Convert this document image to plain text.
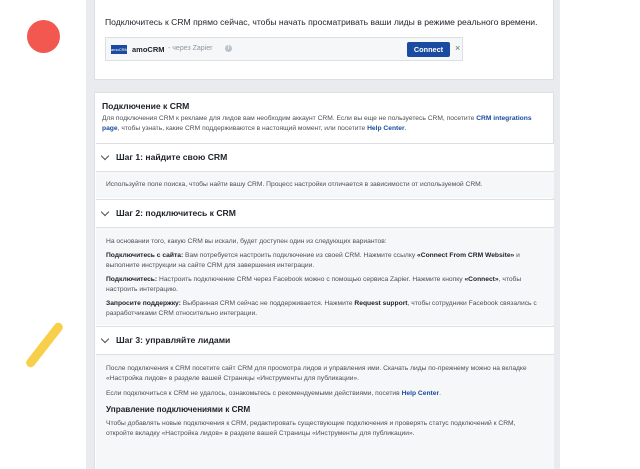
Подключитесь к CRM прямо сейчас, чтобы начать просматривать ваши лиды в режиме реального времени.
amoCRM amoCRM - через Zapier	i	Connect	×
Подключение к CRM
Для подключения CRM к рекламе для лидов вам необходим аккаунт CRM. Если вы еще не пользуетесь CRM, посетите CRM integrations page, чтобы узнать, какие CRM поддерживаются в настоящий момент, или посетите Help Center.
Шаг 1: найдите свою CRM

Используйте поле поиска, чтобы найти вашу CRM. Процесс настройки отличается в зависимости от используемой CRM.

Шаг 2: подключитесь к CRM

На основании того, какую CRM вы искали, будет доступен один из следующих вариантов:

Подключитесь с сайта: Вам потребуется настроить подключение из своей CRM. Нажмите ссылку «Connect From CRM Website» и выполните инструкции на сайте CRM для завершения интеграции.

Подключитесь: Настроить подключение CRM через Facebook можно с помощью сервиса Zapier. Нажмите кнопку «Connect», чтобы настроить интеграцию.

Запросите поддержку: Выбранная CRM сейчас не поддерживается. Нажмите Request support, чтобы сотрудники Facebook связались с разработчиками CRM относительно интеграции.

Шаг 3: управляйте лидами

После подключения к CRM посетите сайт CRM для просмотра лидов и управления ими. Скачать лиды по-прежнему можно на вкладке «Настройка лидов» в разделе вашей Страницы «Инструменты для публикации».

Если подключиться к CRM не удалось, ознакомьтесь с рекомендуемыми действиями, посетив Help Center.

Управление подключениями к CRM

Чтобы добавлять новые подключения к CRM, редактировать существующие подключения и проверять статус подключений к CRM, откройте вкладку «Настройка лидов» в разделе вашей Страницы «Инструменты для публикации».
